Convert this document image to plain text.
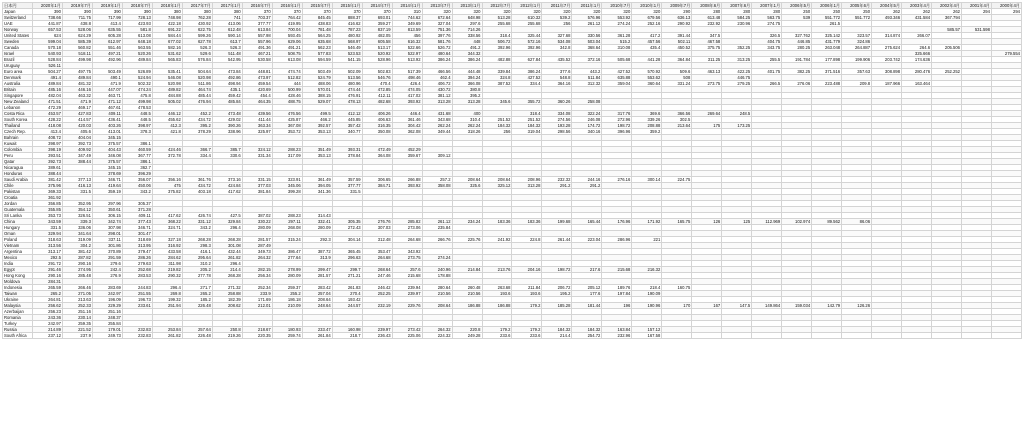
日本円	2020年1月	2019年7月	2019年1月	2018年7月	2018年1月	2017年7月	2017年1月	2016年7月	2016年1月	2015年7月	2015年1月	2014年7月	2014年1月	2013年7月	2013年1月	2012年7月	2012年1月	2011年7月	2011年1月	2010年7月	2010年1月	2009年7月	2008年6月	2007年6月	2007年1月	2006年5月	2006年1月	2005年6月	2004年5月	2003年4月	2002年4月	2001年4月	2000年4月
Japan	390	390	390	390	380	380	380	370	370	370	370	370	310	320	320	320	320	320	320	320	320	290	280	280	280	250	250	250	262	262	262	294	294
Switzerland	738.66	711.75	717.99	728.13	748.98	762.28	741	703.37	764.42	845.45	888.37	693.01	744.62	672.64	648.98	513.28	610.32	539.2	576.96	553.92	679.56	636.13	613.48	584.25	563.75	539	551.772	551.772	493.346	431.584	367.794		
UAE	441.87	438.8	413.4	423.93	422.18	430.92	413.06	377.77	419.95	438.83	416.62	359.27	349.69	327.04	297.6	255.68	255.68	256	261.12	274.24	252.16	290.92	232.92	230.96	274.75		261.5						
Norway	657.53	528.06	635.55	581.8	691.22	622.75	612.48	613.84	700.04	781.48	787.23	837.19	813.59	751.36	714.26																585.57	531.598	
United States	624	624.29	605.28	613.08	584.44	599.26	590.14	557.98	593.45	564.25	480.92	482.05	456	397.76	338.56	318.4	325.44	327.68	330.56	361.28	417.2	391.44	347.5		326.5	327.762	325.142	323.57	314.874	266.07			
Sweden	599.04	585.39	612.97	648.18	677.02	627.78	613.7	557.96	629.06	635.68	568.97	605.58	616.32	581.76	448	506.72	572.16	534.08	503.04	515.2	457.56	502.11	467.58		404.75	446.85	431.779	324.86					
Canada	570.18	560.82	551.46	563.55	582.16	526.3	526.3	491.36	491.21	562.23	546.49	513.17	522.66	526.72	491.2	392.96	392.96	342.8	368.64	310.08	435.4	450.52	375.75	352.25	343.75	280.25	263.048	264.887	275.624	264.6	205.506		
Israel	540.93	518.11	497.21	520.26	531.62	529.6	511.48	467.21	508.75	577.83	523.53	520.92	522.97	480.64	344.32															325.666			279.554
Brazil	528.84	499.98	492.96	489.84	565.83	576.84	542.95	530.58	613.08	594.59	541.15	528.96	513.92	386.24	386.24	482.88	627.84	435.52	372.16	505.68	441.28	364.84	311.25	313.25	255.5	191.784	177.898	199.906	203.742	174.636			
Uruguay	526.11																																
Euro area	504.27	497.75	503.49	526.89	535.41	504.64	473.84	448.81	474.74	503.49	502.09	502.83	517.39	466.56	444.48	339.84	386.24	377.6	443.2	427.52	570.92	509.6	463.13	422.25	401.75	382.25	371.516	357.63	308.898	280.476	252.252		
Denmark	491.4	489.84	490.1	524.94	546.08	520.98	492.86	473.97	512.82	524.79	513.56	546.76	498.46	462.4	394.24	324.8	427.52	548.8	511.84	635.88	553.62	508		446.75									
Australia	489.84	481.32	471.9	502.32	520.98	511.86	498.94	459.54	444	488.06	480.96	470.4	426.4	406.72	366.08	387.52	334.4	364.16	312.32	359.04	360.64	331.24	273.75	279.25	266.5	276.06	223.488	209.8	187.966	163.464			
Britain	485.16	446.16	447.07	474.24	489.82	464.74	435.1	420.69	500.99	570.01	474.44	472.85	474.05	430.72	380.8																		
Singapore	482.04	463.32	463.71	475.8	484.88	485.44	459.42	454.4	428.46	388.15	476.91	412.11	417.02	381.12	395.2																		
New Zealand	471.51	471.9	471.12	499.98	505.02	476.94	485.84	464.35	488.75	529.07	478.13	482.68	393.92	313.28	313.28	345.6	355.72	360.26	258.08														
Lebanon	472.29	469.17	467.61	478.53																													
Costa Rica	453.57	427.83	409.11	448.5	446.12	452.2	473.48	439.56	476.56	499.5	412.12	406.26	446.4	431.68	400		318.4	334.08	322.24	317.76	369.6	366.56	269.64	248.5									
South Korea	428.22	414.57	436.41	448.5	455.62	434.72	429.02	411.44	425.87	466.2	445.85	406.63	361.46	343.68	310.4	251.52	251.52	274.56	246.08	272.96	339.26	302.5											
Thailand	418.08	420.03	403.26	398.97	412.3	395.2	390.26	363.34	367.08	392.57	357.42	316.35	304.42	262.24	262.24	184.32	184.32	193.28	174.72	198.72	208.88	213.64	175	173.25									
Czech Rep.	413.4	405.6	413.01	378.3	421.8	378.29	338.96	325.97	353.72	353.13	340.77	350.08	362.08	349.44	318.26	256	319.04	298.56	340.16	396.96	359.2												
Bahrain	408.72	404.04	345.15																														
Kuwait	398.97	392.73	375.57	386.1																													
Colombia	398.19	409.92	404.43	460.59	424.46	366.7	385.7	324.12	288.23	351.49	393.31	472.49	452.29																				
Peru	393.51	347.49	346.08	367.77	372.78	334.4	330.6	331.34	317.09	353.13	378.84	364.08	359.67	309.12																			
Qatar	392.73	388.44	375.57	386.1																													
Nicaragua	389.61		345.15	362.7																													
Honduras	388.44		378.69	396.29																													
Saudi Arabia	381.42	377.13	346.71	356.07	356.16	361.76	373.16	331.15	323.91	361.49	357.59	306.65	266.88	257.2	208.64	208.64	208.96	232.32	244.16	276.16	300.14	224.75											
Chile	375.96	416.13	419.64	450.06	475	434.72	424.84	377.03	345.06	394.05	377.77	384.71	393.92	358.08	325.6	325.12	313.28	291.2	291.2														
Pakistan	369.33	331.5	359.19	343.2	375.82	403.18	417.62	381.84	399.28	341.36	331.5																						
Croatia	361.92																																
Jordan	356.85	352.95	297.96	305.37																													
Guatemala	355.85	354.12	350.61	371.28																													
Sri Lanka	353.73	326.51	306.15	409.11	417.62	426.74	427.5	387.02	288.23	314.43																							
China	343.59	339.3	342.74	377.43	368.22	331.12	329.84	330.22	297.11	332.41	305.35	276.76	285.82	261.12	234.24	183.36	183.36	199.68	165.44	176.96	171.92	165.75	126	125	112.969	102.974	89.562	86.06					
Hungary	331.5	336.06	307.98	346.71	324.71	343.2	296.4	280.09	268.08	280.09	272.43	307.03	273.06	235.84																			
Oman	329.94	341.64	298.01	301.47																													
Poland	318.63	319.09	337.11	318.69	327.18	268.28	268.28	281.57	315.24	292.3	304.14	312.48	264.68	266.76	225.76	241.92	224.8	261.44	223.04	286.96	221												
Vietnam	313.56	304.2	301.86	313.95	316.92	298.3	301.08	287.49																									
Argentina	313.17	381.42	370.89	379.47	433.58	416.1	432.44	349.73	386.47	387.72	365.45	353.47	343.92																				
Mexico	292.5	287.82	291.59	286.26	284.62	295.64	261.82	264.32	277.64	313.9	296.63	264.68	273.75	274.24																			
India	291.72	290.16	279.6	279.63	311.98	310.2	296.4																										
Egypt	291.46	274.95	242.4	252.68	219.82	205.2	214.4	282.15	278.99	299.47	299.7	268.64	257.6	240.96	214.84	213.76	204.16	198.72	217.6	215.68	216.32												
Hong Kong	290.16	285.48	276.9	283.53	290.32	277.78	268.28	256.34	280.09	281.57	271.21	247.46	215.68	178.88																			
Moldova	284.31																																
Indonesia	265.59	266.46	283.69	244.83	296.4	271.7	271.32	252.34	259.37	283.42	261.83	246.42	239.94	280.64	260.48	263.68	211.84	206.72	205.12	189.76	218.4	160.75											
Taiwan	265.2	271.05	242.97	251.55	269.8	265.2	258.88	233.9	255.2	257.04	270.4	252.25	239.97	210.56	210.56	193.6	193.6	195.2	177.6	197.84	190.09												
Ukraine	264.81	213.63	196.09	196.73	199.32	185.2	182.39	171.69	186.18	208.64	193.42																						
Malaysia	256.62	252.33	229.29	233.61	251.94	226.48	208.62	212.01	210.09	248.64	244.57	232.19	229.76	208.64	186.88	186.88	179.2	185.28	181.44	196	190.96	170	167	147.5	149.864	159.034	142.79	126.26					
Azerbaijan	256.23	251.16	251.16																														
Romania	243.36	230.14	248.37																														
Turkey	242.97	259.35	255.84																														
Russia	214.89	221.52	179.01	232.83	253.84	257.64	250.8	218.67	180.93	233.47	160.98	239.97	273.42	264.32	220.8	179.2	179.2	184.32	184.32	163.84	157.12												
South Africa	237.12	237.9	249.73	232.83	261.82	226.48	219.26	220.35	259.74	261.84	218.7	236.43	225.06	224.32	249.28	233.6	233.6	214.4	254.72	232.96	167.58												
